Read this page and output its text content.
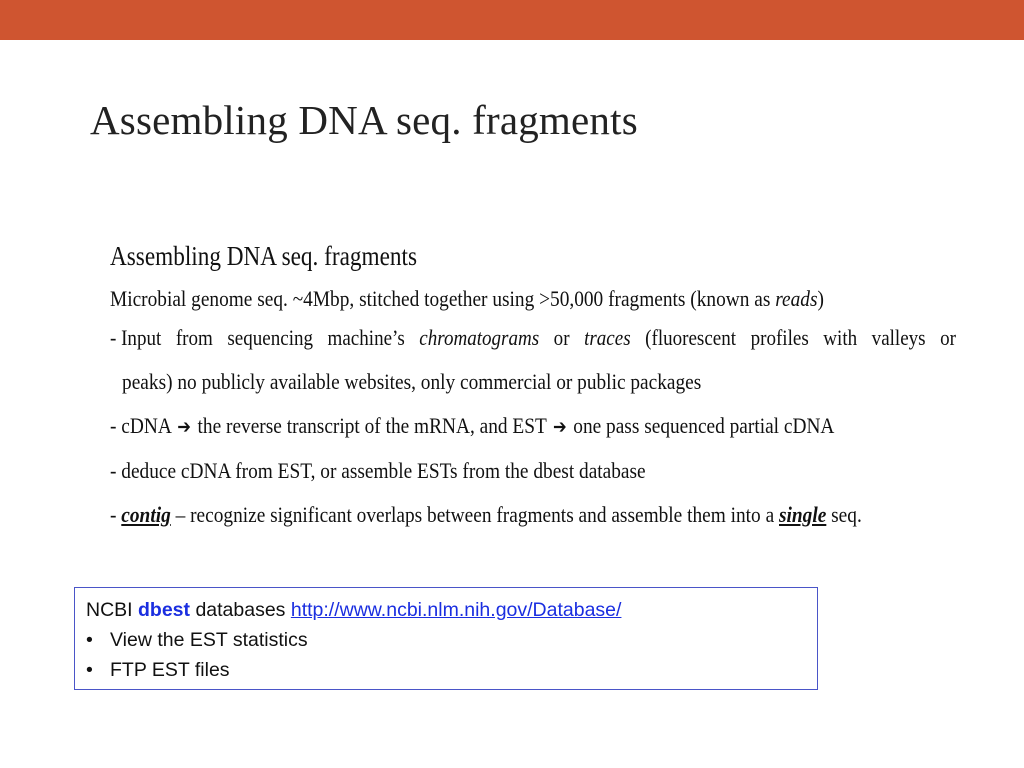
Assembling DNA seq. fragments
Assembling DNA seq. fragments
Microbial genome seq. ~4Mbp, stitched together using >50,000 fragments (known as reads)
- Input from sequencing machine’s chromatograms or traces (fluorescent profiles with valleys or
peaks) no publicly available websites, only commercial or public packages
- cDNA ➔ the reverse transcript of the mRNA, and EST ➔ one pass sequenced partial cDNA
- deduce cDNA from EST, or assemble ESTs from the dbest database
- contig – recognize significant overlaps between fragments and assemble them into a single seq.
NCBI dbest databases http://www.ncbi.nlm.nih.gov/Database/
• View the EST statistics
• FTP EST files
